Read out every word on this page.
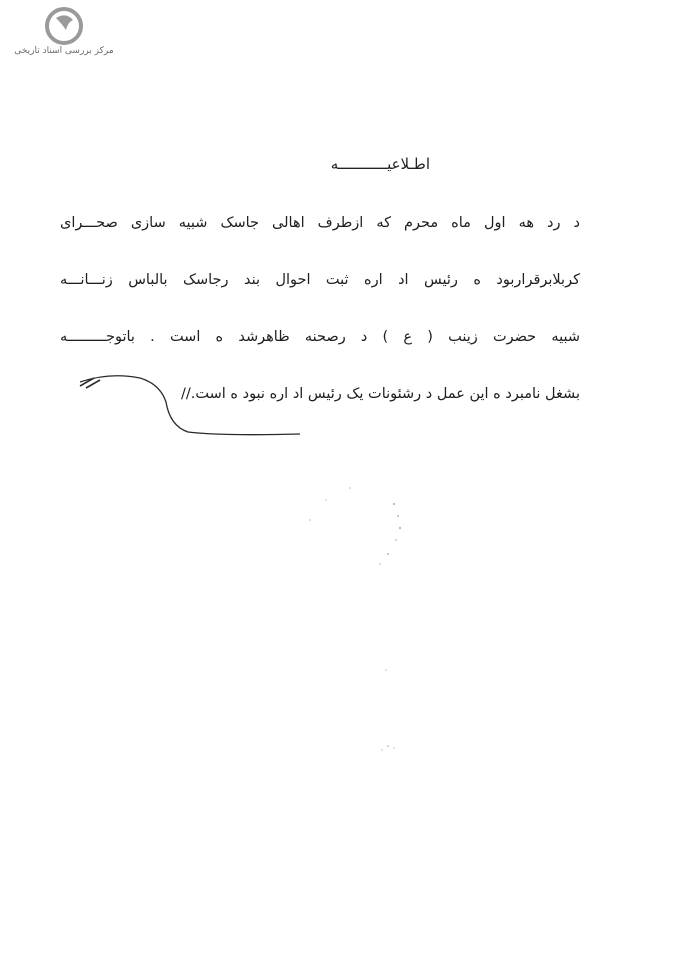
مرکز بررسی اسناد تاریخی
اطـلاعیـــــــــــه
د رد هه اول ماه محرم که ازطرف اهالی جاسک شبیه سازی صحـــرای
کربلابرقراربود ه رئیس اد اره ثبت احوال بند رجاسک بالباس زنـــانـــه
شبیه حضرت زینب ( ع ) د رصحنه ظاهرشد ه است . باتوجـــــــــه
بشغل نامبرد ه این عمل د رشئونات یک رئیس اد اره نبود ه است.//
